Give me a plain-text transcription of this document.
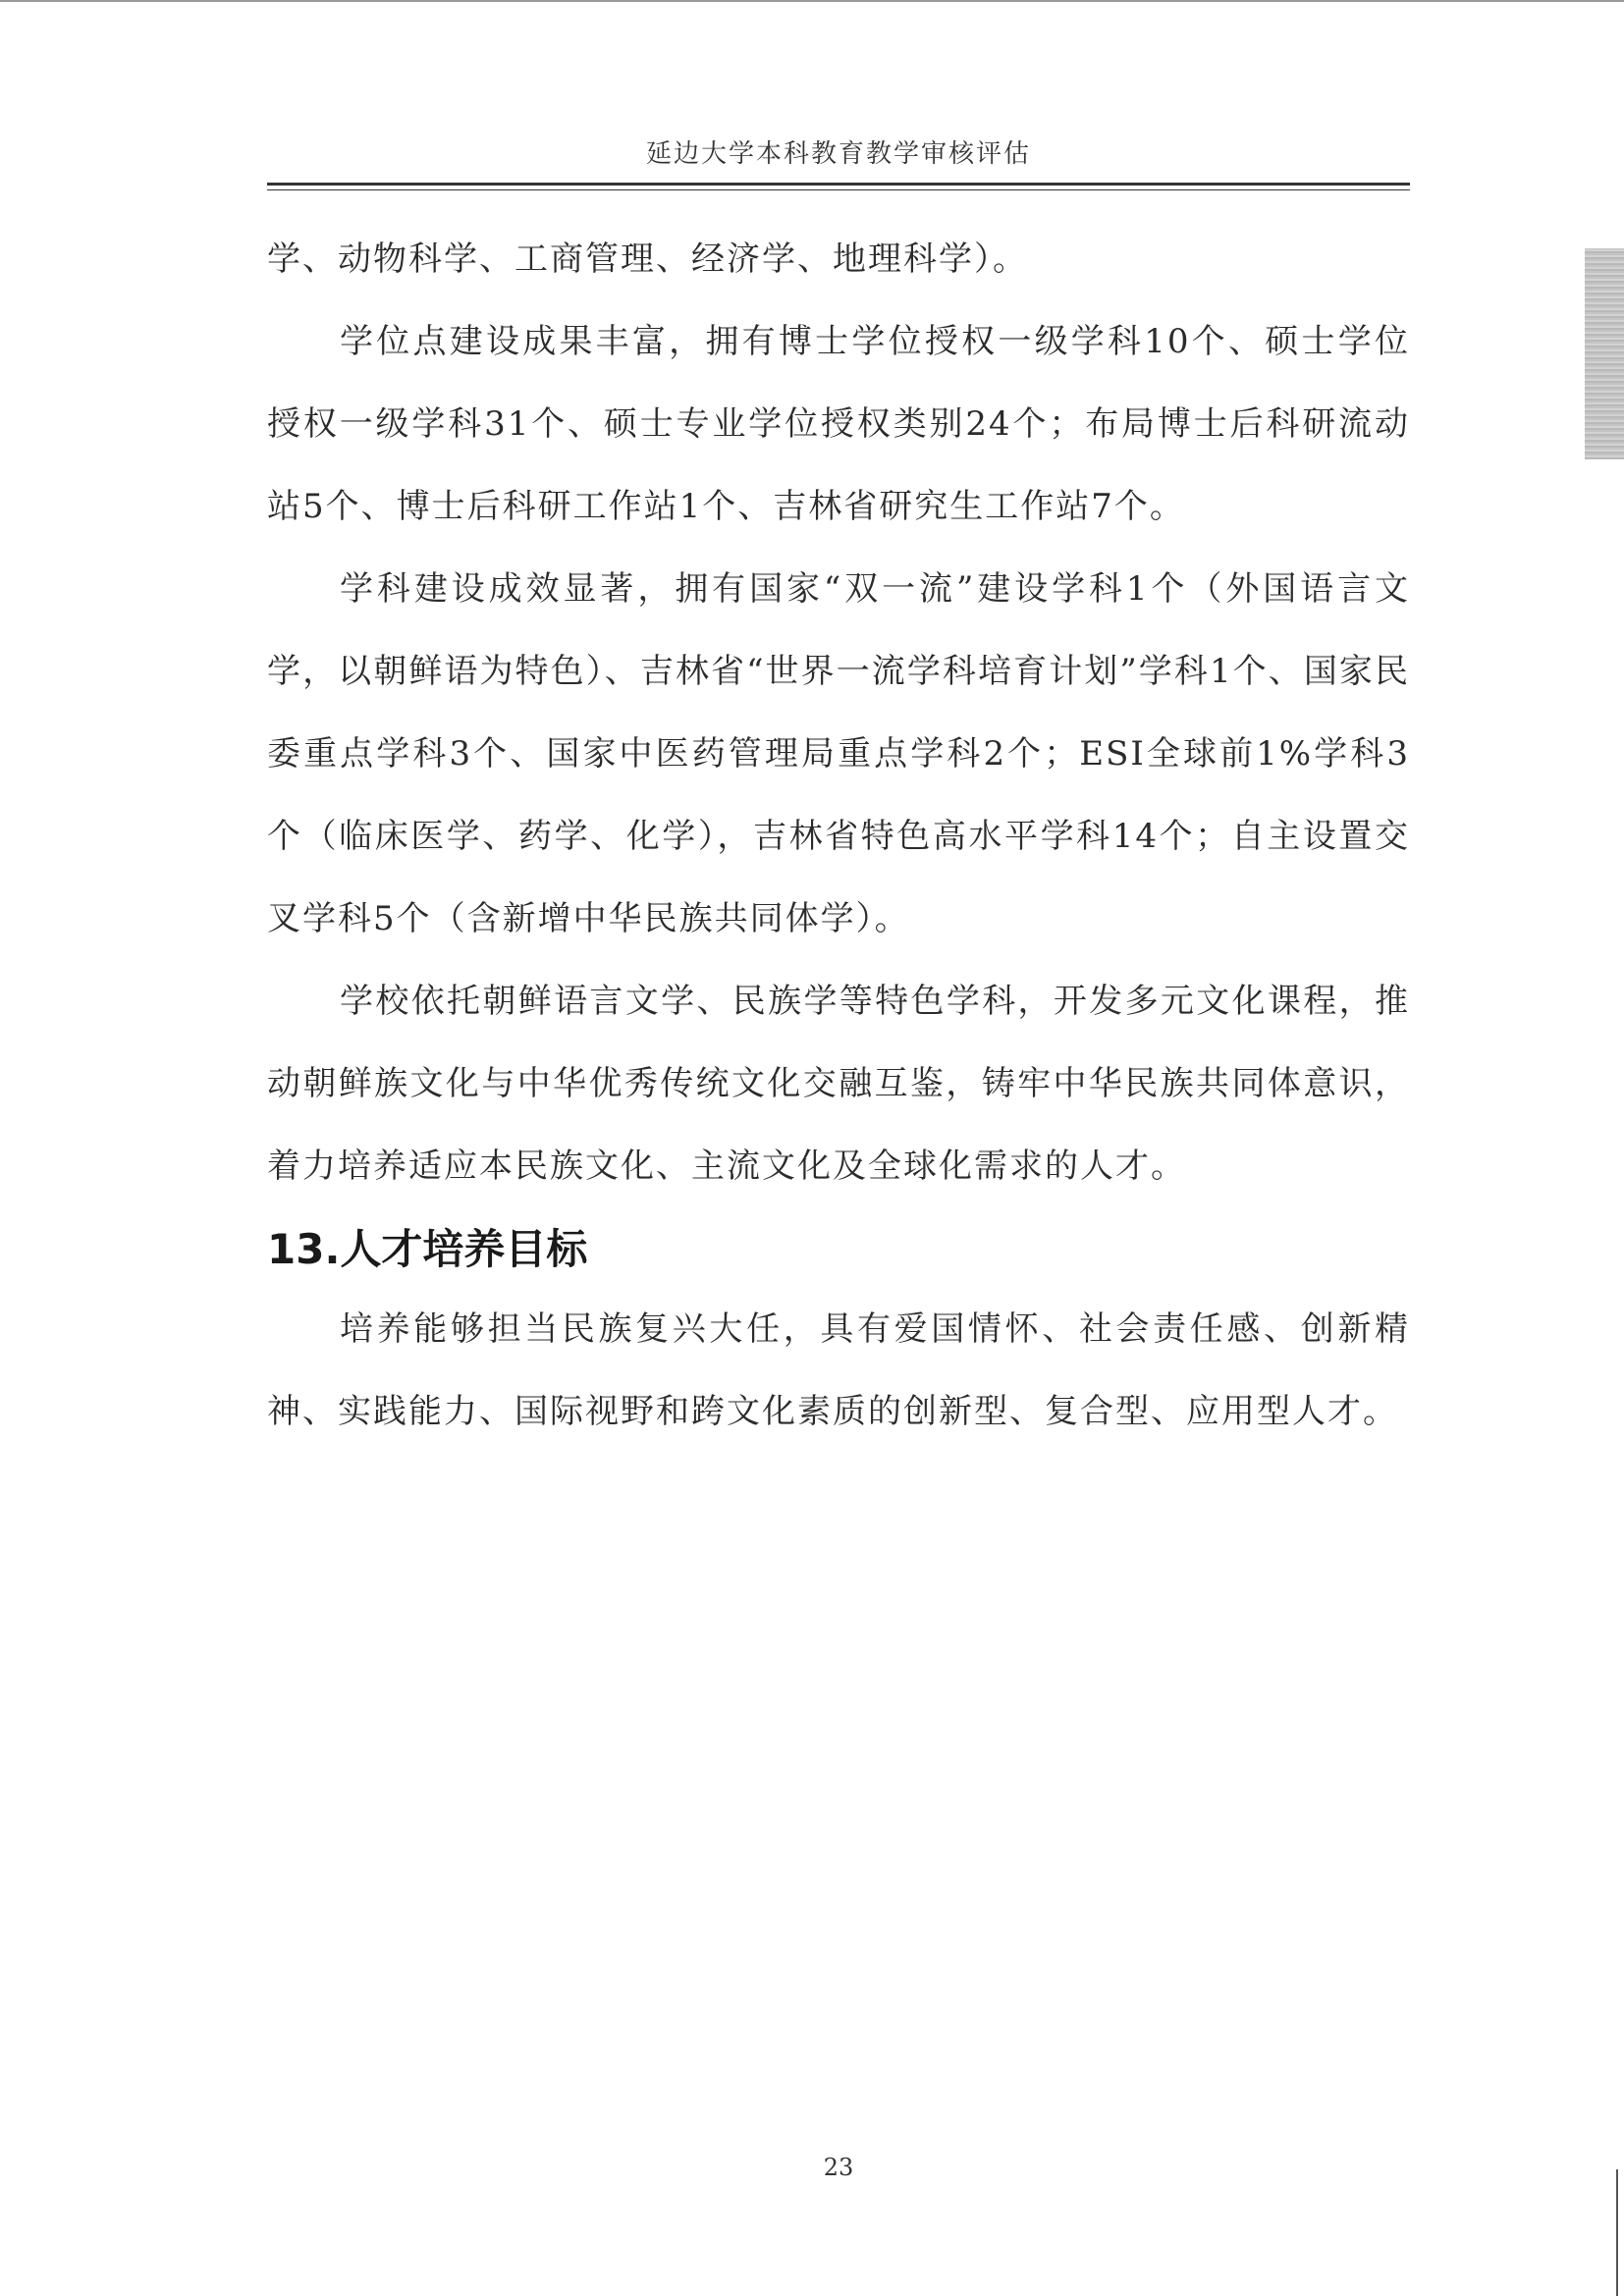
延边大学本科教育教学审核评估

学、动物科学、工商管理、经济学、地理科学）。

学位点建设成果丰富，拥有博士学位授权一级学科10个、硕士学位授权一级学科31个、硕士专业学位授权类别24个；布局博士后科研流动站5个、博士后科研工作站1个、吉林省研究生工作站7个。

学科建设成效显著，拥有国家“双一流”建设学科1个（外国语言文学，以朝鲜语为特色）、吉林省“世界一流学科培育计划”学科1个、国家民委重点学科3个、国家中医药管理局重点学科2个；ESI全球前1%学科3个（临床医学、药学、化学），吉林省特色高水平学科14个；自主设置交叉学科5个（含新增中华民族共同体学）。

学校依托朝鲜语言文学、民族学等特色学科，开发多元文化课程，推动朝鲜族文化与中华优秀传统文化交融互鉴，铸牢中华民族共同体意识，着力培养适应本民族文化、主流文化及全球化需求的人才。

13.人才培养目标

培养能够担当民族复兴大任，具有爱国情怀、社会责任感、创新精神、实践能力、国际视野和跨文化素质的创新型、复合型、应用型人才。

23
